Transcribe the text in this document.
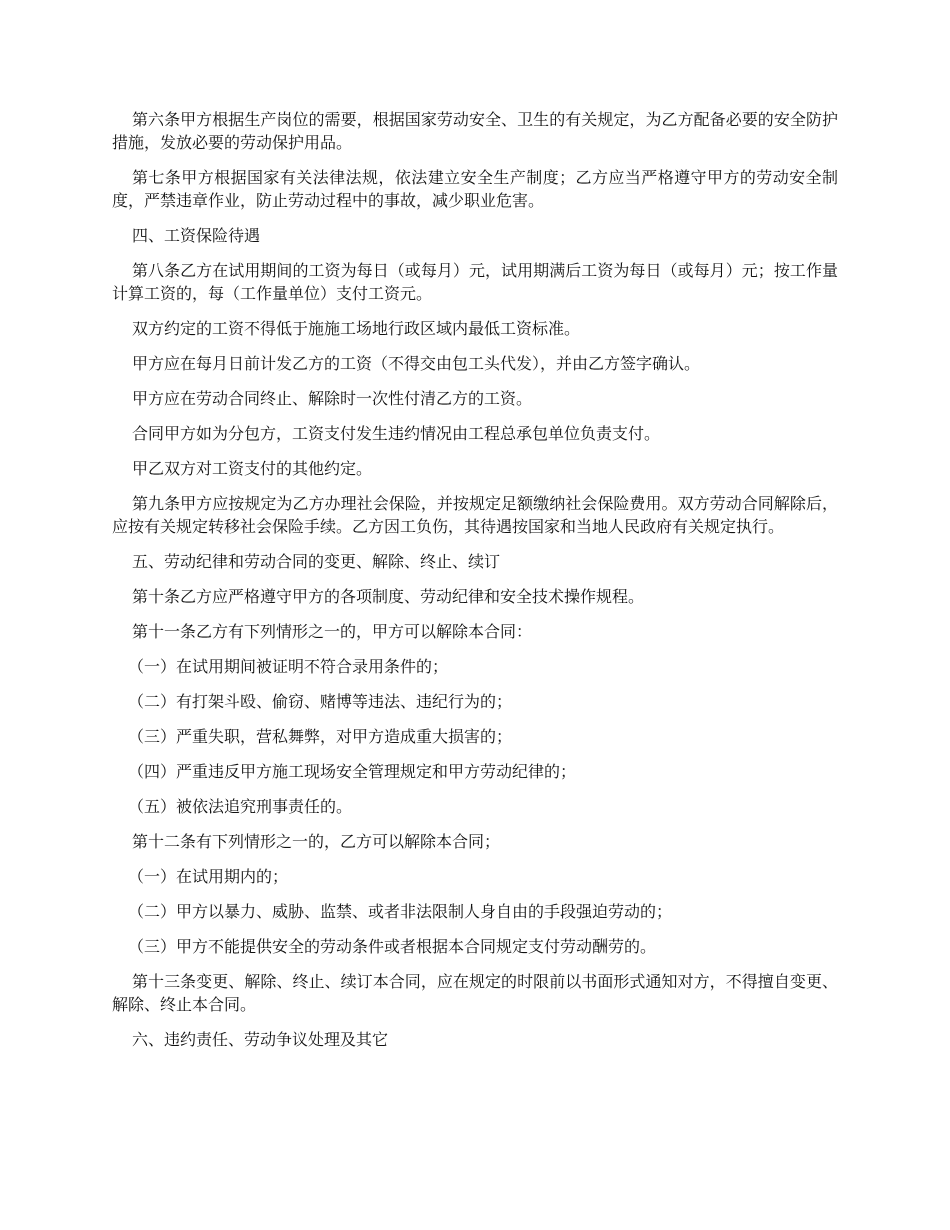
第六条甲方根据生产岗位的需要，根据国家劳动安全、卫生的有关规定，为乙方配备必要的安全防护措施，发放必要的劳动保护用品。

第七条甲方根据国家有关法律法规，依法建立安全生产制度；乙方应当严格遵守甲方的劳动安全制度，严禁违章作业，防止劳动过程中的事故，减少职业危害。

四、工资保险待遇

第八条乙方在试用期间的工资为每日（或每月）元，试用期满后工资为每日（或每月）元；按工作量计算工资的，每（工作量单位）支付工资元。

双方约定的工资不得低于施施工场地行政区域内最低工资标准。

甲方应在每月日前计发乙方的工资（不得交由包工头代发），并由乙方签字确认。

甲方应在劳动合同终止、解除时一次性付清乙方的工资。

合同甲方如为分包方，工资支付发生违约情况由工程总承包单位负责支付。

甲乙双方对工资支付的其他约定。

第九条甲方应按规定为乙方办理社会保险，并按规定足额缴纳社会保险费用。双方劳动合同解除后，应按有关规定转移社会保险手续。乙方因工负伤，其待遇按国家和当地人民政府有关规定执行。

五、劳动纪律和劳动合同的变更、解除、终止、续订

第十条乙方应严格遵守甲方的各项制度、劳动纪律和安全技术操作规程。

第十一条乙方有下列情形之一的，甲方可以解除本合同：

（一）在试用期间被证明不符合录用条件的；

（二）有打架斗殴、偷窃、赌博等违法、违纪行为的；

（三）严重失职，营私舞弊，对甲方造成重大损害的；

（四）严重违反甲方施工现场安全管理规定和甲方劳动纪律的；

（五）被依法追究刑事责任的。

第十二条有下列情形之一的，乙方可以解除本合同；

（一）在试用期内的；

（二）甲方以暴力、威胁、监禁、或者非法限制人身自由的手段强迫劳动的；

（三）甲方不能提供安全的劳动条件或者根据本合同规定支付劳动酬劳的。

第十三条变更、解除、终止、续订本合同，应在规定的时限前以书面形式通知对方，不得擅自变更、解除、终止本合同。

六、违约责任、劳动争议处理及其它
